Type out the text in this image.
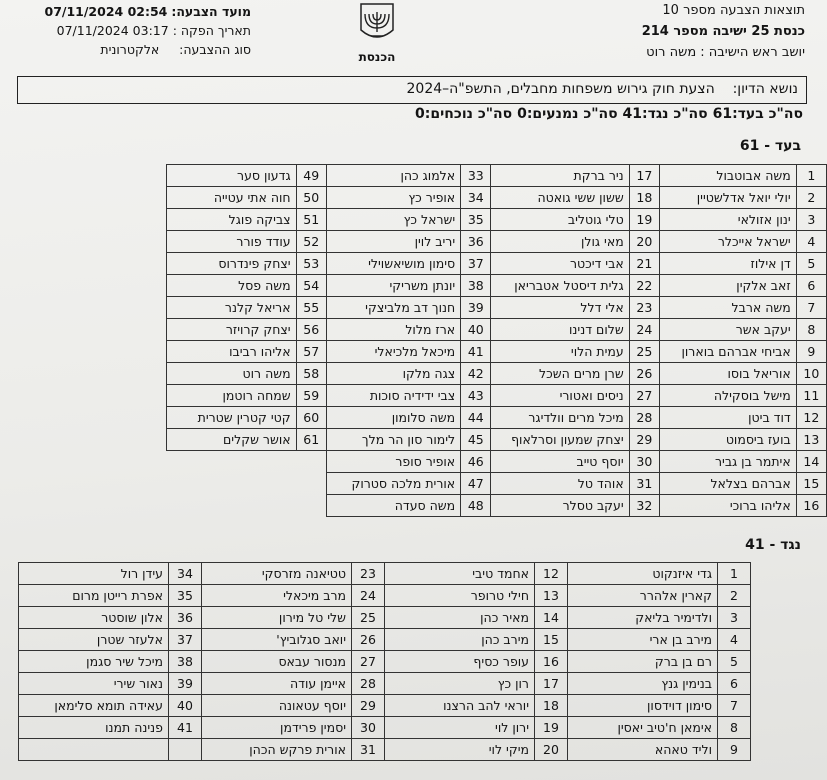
תוצאות הצבעה מספר 10
כנסת 25 ישיבה מספר 214
יושב ראש הישיבה : משה רוט
הכנסת
מועד הצבעה: 07/11/2024 02:54
תאריך הפקה : 07/11/2024 03:17
סוג ההצבעה:     אלקטרונית
נושא הדיון:    הצעת חוק גירוש משפחות מחבלים, התשפ"ה–2024
סה"כ בעד:61 סה"כ נגד:41 סה"כ נמנעים:0 סה"כ נוכחים:0
בעד - 61
1	משה אבוטבול	17	ניר ברקת	33	אלמוג כהן	49	גדעון סער
2	יולי יואל אדלשטיין	18	ששון ששי גואטה	34	אופיר כץ	50	חוה אתי עטייה
3	ינון אזולאי	19	טלי גוטליב	35	ישראל כץ	51	צביקה פוגל
4	ישראל אייכלר	20	מאי גולן	36	יריב לוין	52	עודד פורר
5	דן אילוז	21	אבי דיכטר	37	סימון מושיאשוילי	53	יצחק פינדרוס
6	זאב אלקין	22	גלית דיסטל אטבריאן	38	יונתן משריקי	54	משה פסל
7	משה ארבל	23	אלי דלל	39	חנוך דב מלביצקי	55	אריאל קלנר
8	יעקב אשר	24	שלום דנינו	40	ארז מלול	56	יצחק קרויזר
9	אביחי אברהם בוארון	25	עמית הלוי	41	מיכאל מלכיאלי	57	אליהו רביבו
10	אוריאל בוסו	26	שרן מרים השכל	42	צגה מלקו	58	משה רוט
11	מישל בוסקילה	27	ניסים ואטורי	43	צבי ידידיה סוכות	59	שמחה רוטמן
12	דוד ביטן	28	מיכל מרים וולדיגר	44	משה סלומון	60	קטי קטרין שטרית
13	בועז ביסמוט	29	יצחק שמעון וסרלאוף	45	לימור סון הר מלך	61	אושר שקלים
14	איתמר בן גביר	30	יוסף טייב	46	אופיר סופר		
15	אברהם בצלאל	31	אוהד טל	47	אורית מלכה סטרוק		
16	אליהו ברוכי	32	יעקב טסלר	48	משה סעדה		
נגד - 41
1	גדי איזנקוט	12	אחמד טיבי	23	טטיאנה מזרסקי	34	עידן רול
2	קארין אלהרר	13	חילי טרופר	24	מרב מיכאלי	35	אפרת רייטן מרום
3	ולדימיר בליאק	14	מאיר כהן	25	שלי טל מירון	36	אלון שוסטר
4	מירב בן ארי	15	מירב כהן	26	יואב סגלוביץ'	37	אלעזר שטרן
5	רם בן ברק	16	עופר כסיף	27	מנסור עבאס	38	מיכל שיר סגמן
6	בנימין גנץ	17	רון כץ	28	איימן עודה	39	נאור שירי
7	סימון דוידסון	18	יוראי להב הרצנו	29	יוסף עטאונה	40	עאידה תומא סלימאן
8	אימאן ח'טיב יאסין	19	ירון לוי	30	יסמין פרידמן	41	פנינה תמנו
9	וליד טאהא	20	מיקי לוי	31	אורית פרקש הכהן		
